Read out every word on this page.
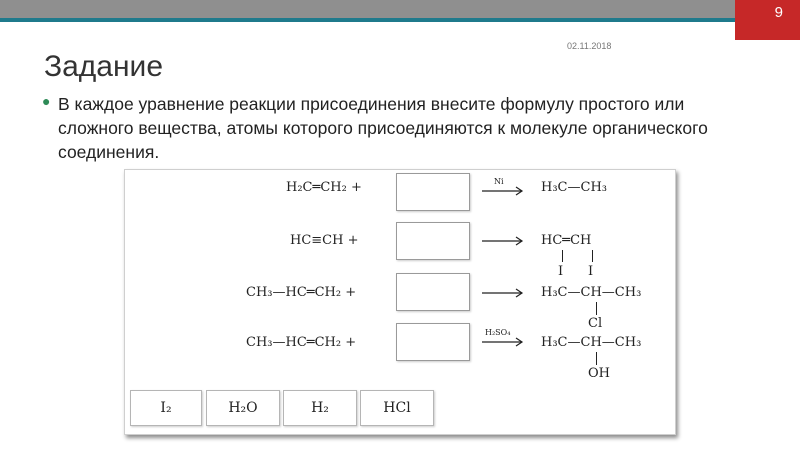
9
02.11.2018
Задание
● В каждое уравнение реакции присоединения внесите формулу простого или сложного вещества, атомы которого присоединяются к молекуле органического соединения.
H₂C═CH₂ +	Ni → H₃C—CH₃
HC≡CH +	→ HC═CH
I I
CH₃—HC═CH₂ +	→ H₃C—CH—CH₃
Cl
CH₃—HC═CH₂ +
H₂SO₄
→ H₃C—CH—CH₃
OH
I₂	H₂O	H₂	HCl
